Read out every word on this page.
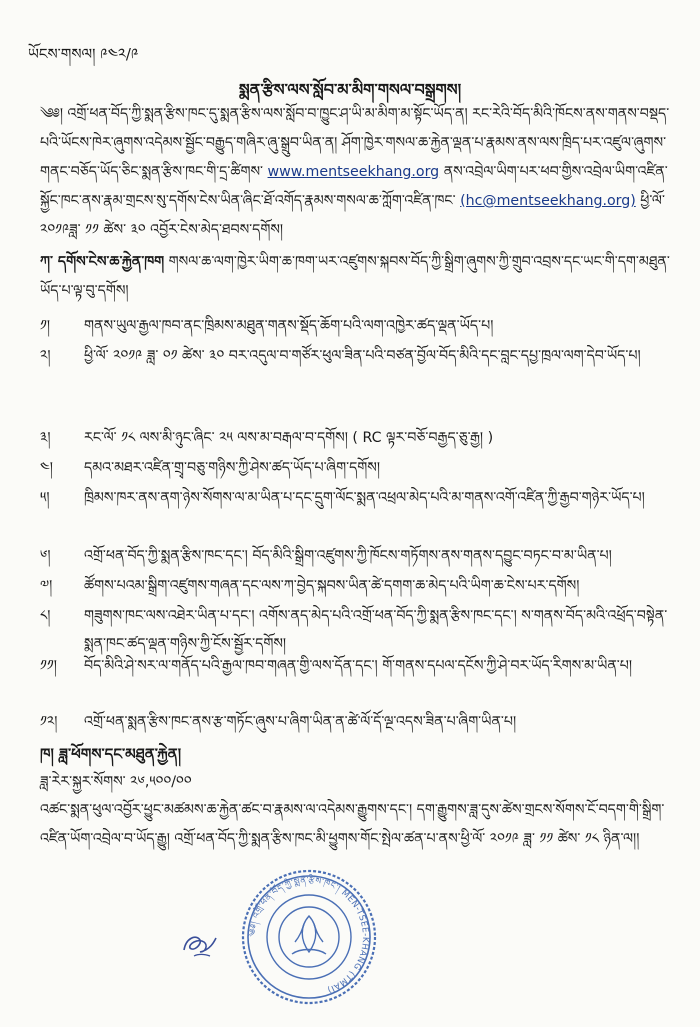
ཡོངས་གསལ། ༩༤༢/༩
སྨན་རྩིས་ལས་སློབ་མ་མིག་གསལ་བསྒྲགས།
༄༅། འགྲོ་ཕན་བོད་ཀྱི་སྨན་རྩིས་ཁང་དུ་སྨན་རྩིས་ལས་སློབ་བ་ཁྱུང་ཤ་ཡི་མ་མིག་མ་སྟོང་ཡོད་ན། རང་རེའི་བོད་མིའི་ཁོངས་ནས་གནས་བསྡད་པའི་ཡོངས་ཁེར་ཞུགས་འདེམས་སྦྱོང་བརྒྱུད་གཞིར་ཞུ་སྒྲུབ་ཡིན་ན། ཤོག་ཁྱེར་གསལ་ཆ་རྐྱེན་ལྡན་པ་རྣམས་ནས་ལས་ཁྲིད་པར་འཛུལ་ཞུགས་གནང་བཅོད་ཡོད་ཅིང་སྨན་རྩིས་ཁང་གི་དྲ་ཚིགས་ www.mentseekhang.org ནས་འབྲེལ་ཡིག་པར་ཕབ་གྱིས་འབྲེལ་ཡིག་འཛིན་སྐྱོང་ཁང་ནས་རྣམ་གྲངས་སུ་དགོས་ངེས་ཡིན་ཞིང་ཐོ་འགོད་རྣམས་གསལ་ཆ་ཀློག་འཛིན་ཁང་ (hc@mentseekhang.org) ཕྱི་ལོ་༢༠༡༩ཟླ་ ༡༡ ཚེས་ ༣༠ འབྱོར་ངེས་མེད་ཐབས་དགོས།
ཀ་ དགོས་ངེས་ཆ་རྐྱེན་ཁག གསལ་ཆ་ལག་ཁྱེར་ཡིག་ཆ་ཁག་ཡར་འཛུགས་སྐབས་བོད་ཀྱི་སྒྲིག་ཞུགས་ཀྱི་གྲུབ་འབྲས་དང་ཡང་གི་དག་མཐུན་ཡོད་པ་ལྟ་བུ་དགོས།
༡།	གནས་ཡུལ་རྒྱལ་ཁབ་ནང་ཁྲིམས་མཐུན་གནས་སྡོད་ཆོག་པའི་ལག་འཁྱེར་ཚད་ལྡན་ཡོད་པ།
༢།	ཕྱི་ལོ་ ༢༠༡༩ ཟླ་ ༠༡ ཚེས་ ༣༠ བར་འདུལ་བ་གཙོར་ཕུལ་ཟིན་པའི་བཙན་བྱོལ་བོད་མིའི་དང་བླང་དཔྱ་ཁྲལ་ལག་དེབ་ཡོད་པ།
༣།	རང་ལོ་ ༡༨ ལས་མི་ཉུང་ཞིང་ ༢༥ ལས་མ་བརྒལ་བ་དགོས། ( RC ལྟར་བཅོ་བརྒྱད་ཅུ་རྒྱ། )
༤།	དམའ་མཐར་འཛིན་གྲྭ་བཅུ་གཉིས་ཀྱི་ཤེས་ཚད་ཡོད་པ་ཞིག་དགོས།
༥།	ཁྲིམས་ཁར་ནས་ནག་ཉེས་སོགས་ལ་མ་ཡིན་པ་དང་དྲུག་ལོང་སྨན་འཕྲལ་མེད་པའི་མ་གནས་འགོ་འཛིན་ཀྱི་རྒྱབ་གཉེར་ཡོད་པ།
༦།	འགྲོ་ཕན་བོད་ཀྱི་སྨན་རྩིས་ཁང་དང་། བོད་མིའི་སྒྲིག་འཛུགས་ཀྱི་ཁོངས་གཏོགས་ནས་གནས་དབྱུང་བཏང་བ་མ་ཡིན་པ།
༧།	ཚོགས་པའམ་སྒྲིག་འཛུགས་གཞན་དང་ལས་ཀ་བྱེད་སྐབས་ཡིན་ཚེ་དགག་ཆ་མེད་པའི་ཡིག་ཆ་ངེས་པར་དགོས།
༨།	གཟུགས་ཁང་ལས་འཐེར་ཡིན་པ་དང་། འགོས་ནད་མེད་པའི་འགྲོ་ཕན་བོད་ཀྱི་སྨན་རྩིས་ཁང་དང་། ས་གནས་བོད་མའི་འཕྲོད་བསྟེན་སྨན་ཁང་ཚད་ལྡན་གཉིས་ཀྱི་ངོས་སྦྱོར་དགོས།
༡༡།	བོད་མིའི་ཤེ་སར་ལ་གནོད་པའི་རྒྱལ་ཁབ་གཞན་གྱི་ལས་དོན་དང་། གོ་གནས་དཔལ་དངོས་ཀྱི་ཤེ་བར་ཡོད་རིགས་མ་ཡིན་པ།
༡༢།	འགྲོ་ཕན་སྨན་རྩིས་ཁང་ནས་རྩ་གཏོང་ཞུས་པ་ཞིག་ཡིན་ན་ཚེ་ལོ་དོ་ལྔ་འདས་ཟིན་པ་ཞིག་ཡིན་པ།
ཁ། ཟླ་ཕོགས་དང་མཐུན་རྐྱེན།
ཟླ་རེར་སྐྱར་སོགས་ ༢༦,༥༠༠/༠༠
འཚང་སྨན་ཕུལ་འབྱོར་ཕྱུང་མཚམས་ཆ་རྐྱེན་ཚང་བ་རྣམས་ལ་འདེམས་རྒྱུགས་དང་། དག་རྒྱུགས་ཟླ་དུས་ཚེས་གྲངས་སོགས་ངོ་བདག་གི་སྒྲིག་འཛིན་ཡོག་འབྲེལ་བ་ཡོད་རྒྱུ། འགྲོ་ཕན་བོད་ཀྱི་སྨན་རྩིས་ཁང་མི་ཕྱུགས་གོང་སྤེལ་ཚན་པ་ནས་ཕྱི་ལོ་ ༢༠༡༩ ཟླ་ ༡༡ ཚེས་ ༡༨ ཉིན་ལ།།
༄༅། འགྲོ་ཕན་བོད་ཀྱི་སྨན་རྩིས་ཁང་། MEN-TSEE-KHANG (TMAI)
